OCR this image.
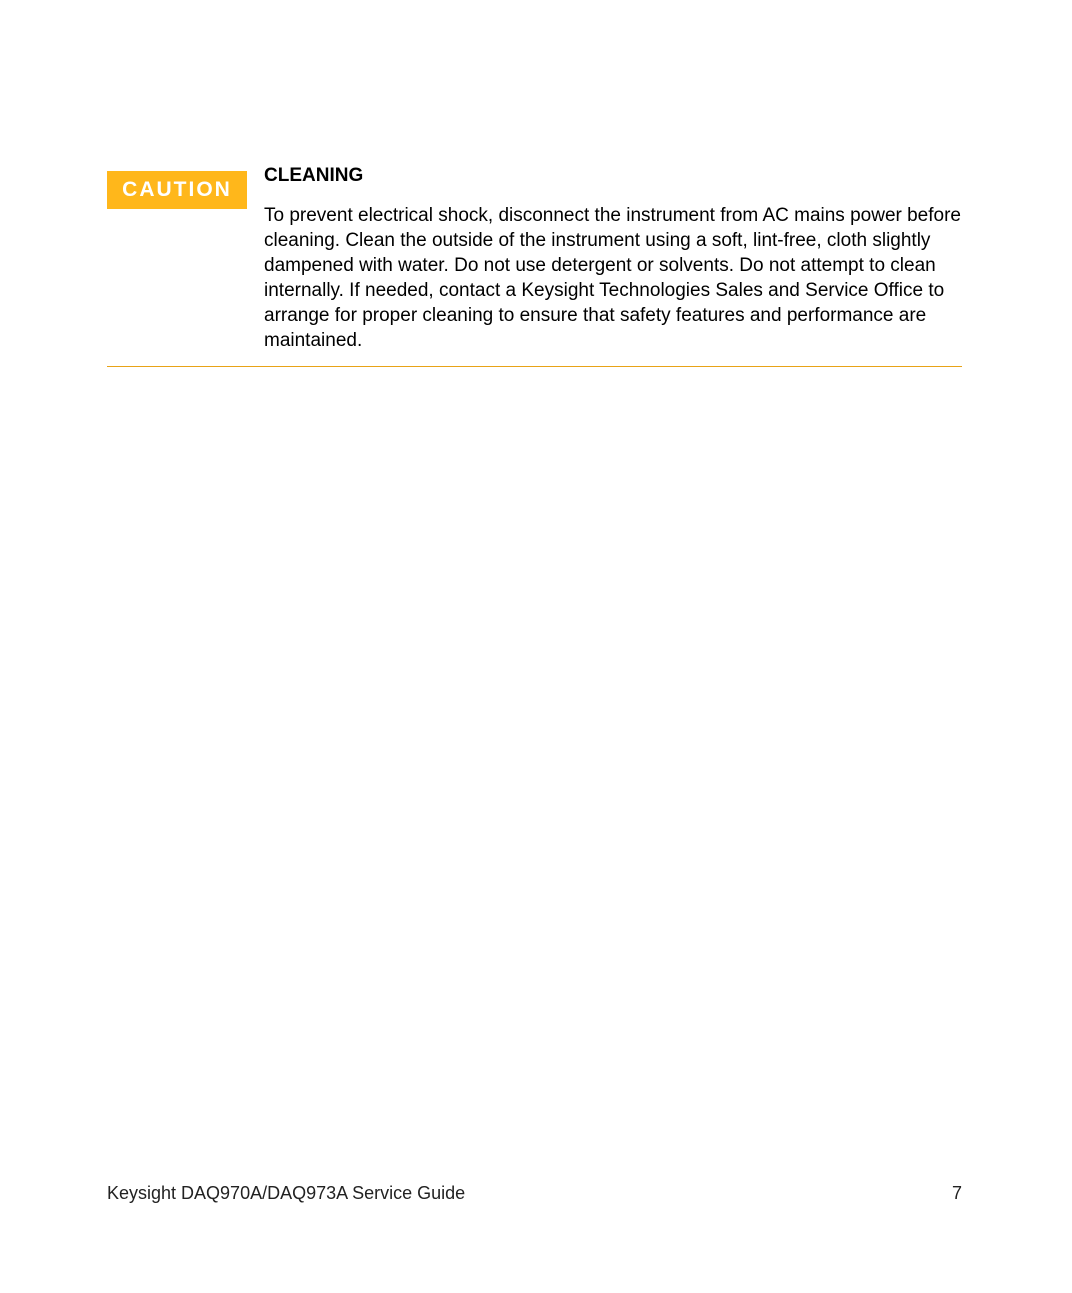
CAUTION

CLEANING

To prevent electrical shock, disconnect the instrument from AC mains power before cleaning. Clean the outside of the instrument using a soft, lint-free, cloth slightly dampened with water. Do not use detergent or solvents. Do not attempt to clean internally. If needed, contact a Keysight Technologies Sales and Service Office to arrange for proper cleaning to ensure that safety features and performance are maintained.

Keysight DAQ970A/DAQ973A Service Guide	7
